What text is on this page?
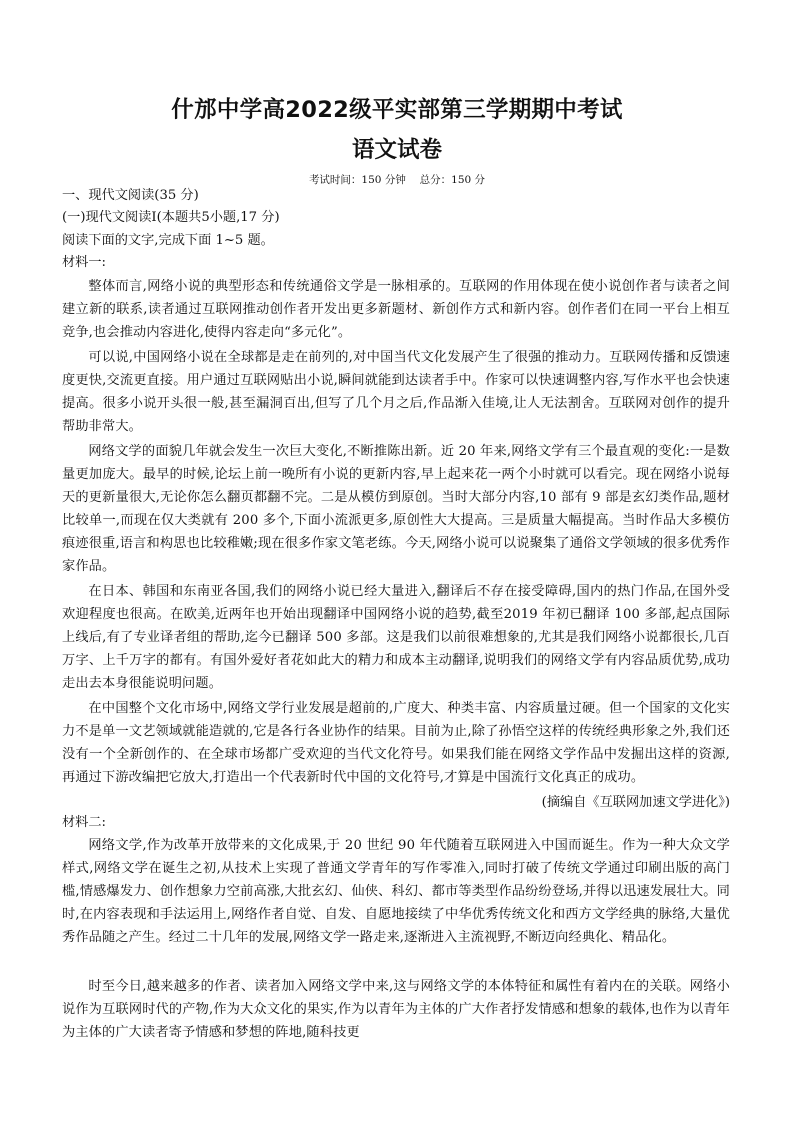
什邡中学高2022级平实部第三学期期中考试
语文试卷
考试时间：150 分钟　 总分：150 分
一、现代文阅读(35 分)
(一)现代文阅读Ⅰ(本题共5小题,17 分)
阅读下面的文字,完成下面 1~5 题。
材料一:
整体而言,网络小说的典型形态和传统通俗文学是一脉相承的。互联网的作用体现在使小说创作者与读者之间建立新的联系,读者通过互联网推动创作者开发出更多新题材、新创作方式和新内容。创作者们在同一平台上相互竞争,也会推动内容进化,使得内容走向“多元化”。
可以说,中国网络小说在全球都是走在前列的,对中国当代文化发展产生了很强的推动力。互联网传播和反馈速度更快,交流更直接。用户通过互联网贴出小说,瞬间就能到达读者手中。作家可以快速调整内容,写作水平也会快速提高。很多小说开头很一般,甚至漏洞百出,但写了几个月之后,作品渐入佳境,让人无法割舍。互联网对创作的提升帮助非常大。
网络文学的面貌几年就会发生一次巨大变化,不断推陈出新。近 20 年来,网络文学有三个最直观的变化:一是数量更加庞大。最早的时候,论坛上前一晚所有小说的更新内容,早上起来花一两个小时就可以看完。现在网络小说每天的更新量很大,无论你怎么翻页都翻不完。二是从模仿到原创。当时大部分内容,10 部有 9 部是玄幻类作品,题材比较单一,而现在仅大类就有 200 多个,下面小流派更多,原创性大大提高。三是质量大幅提高。当时作品大多模仿痕迹很重,语言和构思也比较稚嫩;现在很多作家文笔老练。今天,网络小说可以说聚集了通俗文学领域的很多优秀作家作品。
在日本、韩国和东南亚各国,我们的网络小说已经大量进入,翻译后不存在接受障碍,国内的热门作品,在国外受欢迎程度也很高。在欧美,近两年也开始出现翻译中国网络小说的趋势,截至2019 年初已翻译 100 多部,起点国际上线后,有了专业译者组的帮助,迄今已翻译 500 多部。这是我们以前很难想象的,尤其是我们网络小说都很长,几百万字、上千万字的都有。有国外爱好者花如此大的精力和成本主动翻译,说明我们的网络文学有内容品质优势,成功走出去本身很能说明问题。
在中国整个文化市场中,网络文学行业发展是超前的,广度大、种类丰富、内容质量过硬。但一个国家的文化实力不是单一文艺领域就能造就的,它是各行各业协作的结果。目前为止,除了孙悟空这样的传统经典形象之外,我们还没有一个全新创作的、在全球市场都广受欢迎的当代文化符号。如果我们能在网络文学作品中发掘出这样的资源,再通过下游改编把它放大,打造出一个代表新时代中国的文化符号,才算是中国流行文化真正的成功。
(摘编自《互联网加速文学进化》)
材料二:
网络文学,作为改革开放带来的文化成果,于 20 世纪 90 年代随着互联网进入中国而诞生。作为一种大众文学样式,网络文学在诞生之初,从技术上实现了普通文学青年的写作零准入,同时打破了传统文学通过印刷出版的高门槛,情感爆发力、创作想象力空前高涨,大批玄幻、仙侠、科幻、都市等类型作品纷纷登场,并得以迅速发展壮大。同时,在内容表现和手法运用上,网络作者自觉、自发、自愿地接续了中华优秀传统文化和西方文学经典的脉络,大量优秀作品随之产生。经过二十几年的发展,网络文学一路走来,逐渐进入主流视野,不断迈向经典化、精品化。
时至今日,越来越多的作者、读者加入网络文学中来,这与网络文学的本体特征和属性有着内在的关联。网络小说作为互联网时代的产物,作为大众文化的果实,作为以青年为主体的广大作者抒发情感和想象的载体,也作为以青年为主体的广大读者寄予情感和梦想的阵地,随科技更
